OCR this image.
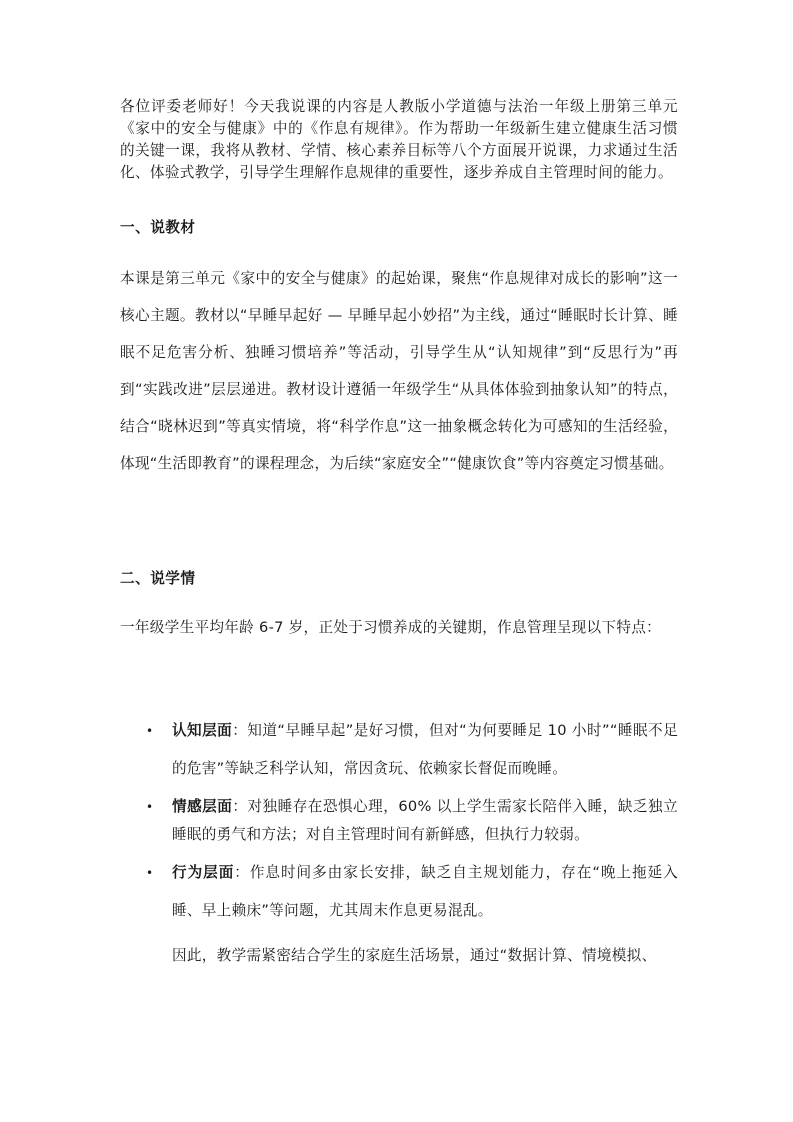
各位评委老师好！今天我说课的内容是人教版小学道德与法治一年级上册第三单元《家中的安全与健康》中的《作息有规律》。作为帮助一年级新生建立健康生活习惯的关键一课，我将从教材、学情、核心素养目标等八个方面展开说课，力求通过生活化、体验式教学，引导学生理解作息规律的重要性，逐步养成自主管理时间的能力。

一、说教材

本课是第三单元《家中的安全与健康》的起始课，聚焦“作息规律对成长的影响”这一核心主题。教材以“早睡早起好 — 早睡早起小妙招”为主线，通过“睡眠时长计算、睡眠不足危害分析、独睡习惯培养”等活动，引导学生从“认知规律”到“反思行为”再到“实践改进”层层递进。教材设计遵循一年级学生“从具体体验到抽象认知”的特点，结合“晓林迟到”等真实情境，将“科学作息”这一抽象概念转化为可感知的生活经验，体现“生活即教育”的课程理念，为后续“家庭安全”“健康饮食”等内容奠定习惯基础。

二、说学情

一年级学生平均年龄 6-7 岁，正处于习惯养成的关键期，作息管理呈现以下特点：

• 认知层面：知道“早睡早起”是好习惯，但对“为何要睡足 10 小时”“睡眠不足的危害”等缺乏科学认知，常因贪玩、依赖家长督促而晚睡。
• 情感层面：对独睡存在恐惧心理，60% 以上学生需家长陪伴入睡，缺乏独立睡眠的勇气和方法；对自主管理时间有新鲜感，但执行力较弱。
• 行为层面：作息时间多由家长安排，缺乏自主规划能力，存在“晚上拖延入睡、早上赖床”等问题，尤其周末作息更易混乱。

因此，教学需紧密结合学生的家庭生活场景，通过“数据计算、情境模拟、
